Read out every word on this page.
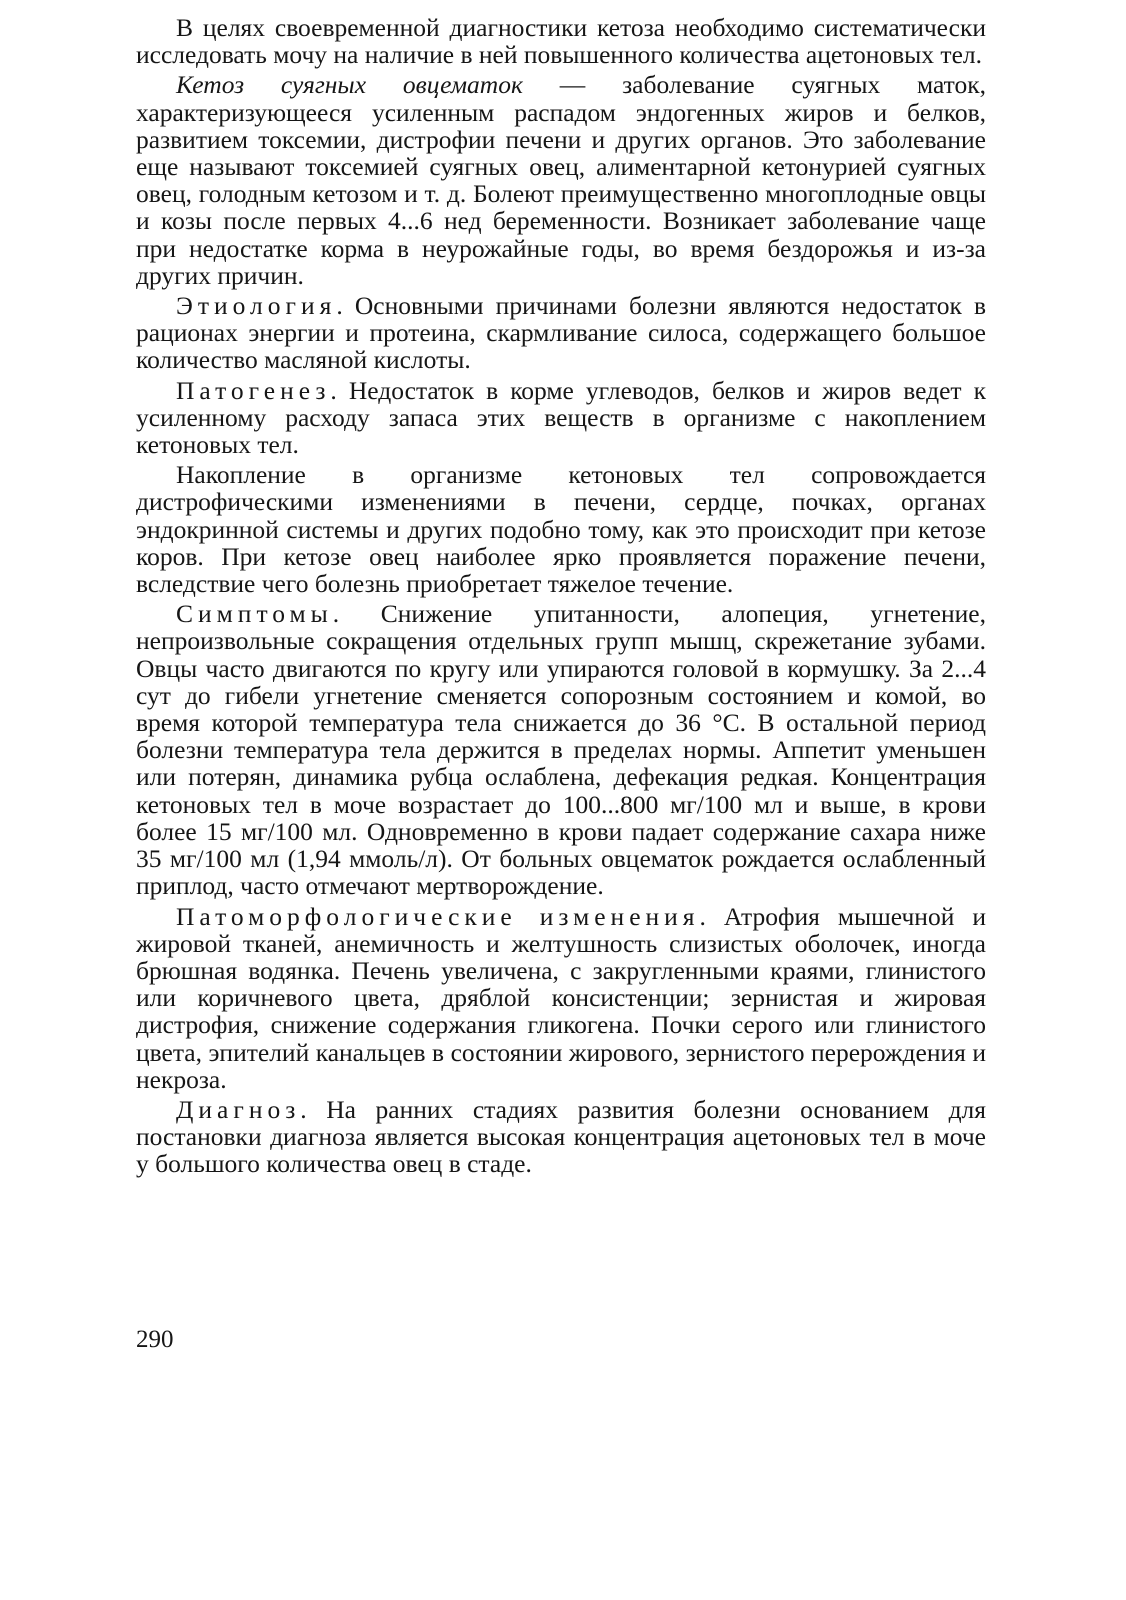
В целях своевременной диагностики кетоза необходимо систематически исследовать мочу на наличие в ней повышенного количества ацетоновых тел.

Кетоз суягных овцематок — заболевание суягных маток, характеризующееся усиленным распадом эндогенных жиров и белков, развитием токсемии, дистрофии печени и других органов. Это заболевание еще называют токсемией суягных овец, алиментарной кетонурией суягных овец, голодным кетозом и т. д. Болеют преимущественно многоплодные овцы и козы после первых 4...6 нед беременности. Возникает заболевание чаще при недостатке корма в неурожайные годы, во время бездорожья и из-за других причин.

Этиология. Основными причинами болезни являются недостаток в рационах энергии и протеина, скармливание силоса, содержащего большое количество масляной кислоты.

Патогенез. Недостаток в корме углеводов, белков и жиров ведет к усиленному расходу запаса этих веществ в организме с накоплением кетоновых тел.

Накопление в организме кетоновых тел сопровождается дистрофическими изменениями в печени, сердце, почках, органах эндокринной системы и других подобно тому, как это происходит при кетозе коров. При кетозе овец наиболее ярко проявляется поражение печени, вследствие чего болезнь приобретает тяжелое течение.

Симптомы. Снижение упитанности, алопеция, угнетение, непроизвольные сокращения отдельных групп мышц, скрежетание зубами. Овцы часто двигаются по кругу или упираются головой в кормушку. За 2...4 сут до гибели угнетение сменяется сопорозным состоянием и комой, во время которой температура тела снижается до 36 °С. В остальной период болезни температура тела держится в пределах нормы. Аппетит уменьшен или потерян, динамика рубца ослаблена, дефекация редкая. Концентрация кетоновых тел в моче возрастает до 100...800 мг/100 мл и выше, в крови более 15 мг/100 мл. Одновременно в крови падает содержание сахара ниже 35 мг/100 мл (1,94 ммоль/л). От больных овцематок рождается ослабленный приплод, часто отмечают мертворождение.

Патоморфологические изменения. Атрофия мышечной и жировой тканей, анемичность и желтушность слизистых оболочек, иногда брюшная водянка. Печень увеличена, с закругленными краями, глинистого или коричневого цвета, дряблой консистенции; зернистая и жировая дистрофия, снижение содержания гликогена. Почки серого или глинистого цвета, эпителий канальцев в состоянии жирового, зернистого перерождения и некроза.

Диагноз. На ранних стадиях развития болезни основанием для постановки диагноза является высокая концентрация ацетоновых тел в моче у большого количества овец в стаде.

290
